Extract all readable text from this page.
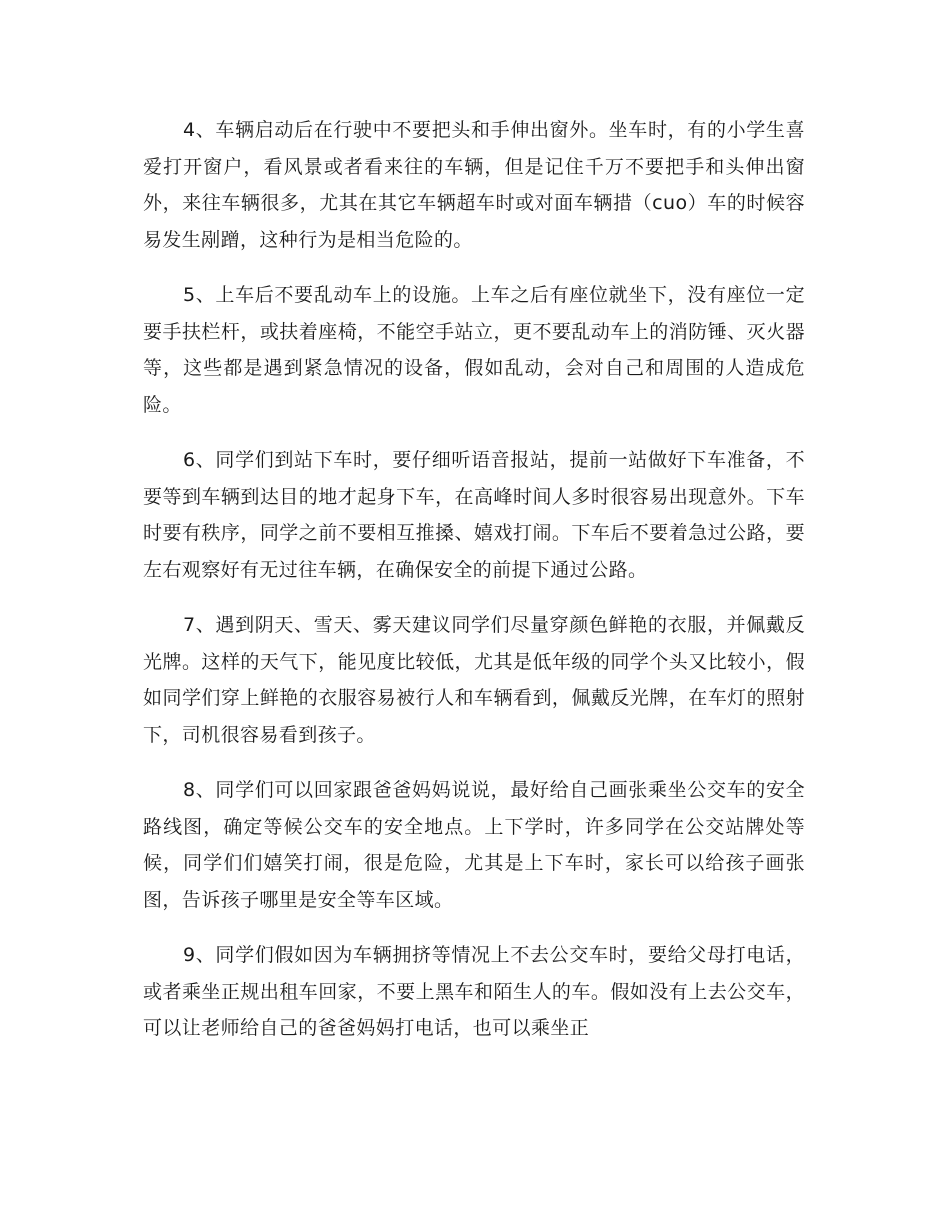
4、车辆启动后在行驶中不要把头和手伸出窗外。坐车时，有的小学生喜爱打开窗户，看风景或者看来往的车辆，但是记住千万不要把手和头伸出窗外，来往车辆很多，尤其在其它车辆超车时或对面车辆措（cuo）车的时候容易发生剐蹭，这种行为是相当危险的。

5、上车后不要乱动车上的设施。上车之后有座位就坐下，没有座位一定要手扶栏杆，或扶着座椅，不能空手站立，更不要乱动车上的消防锤、灭火器等，这些都是遇到紧急情况的设备，假如乱动，会对自己和周围的人造成危险。

6、同学们到站下车时，要仔细听语音报站，提前一站做好下车准备，不要等到车辆到达目的地才起身下车，在高峰时间人多时很容易出现意外。下车时要有秩序，同学之前不要相互推搡、嬉戏打闹。下车后不要着急过公路，要左右观察好有无过往车辆，在确保安全的前提下通过公路。

7、遇到阴天、雪天、雾天建议同学们尽量穿颜色鲜艳的衣服，并佩戴反光牌。这样的天气下，能见度比较低，尤其是低年级的同学个头又比较小，假如同学们穿上鲜艳的衣服容易被行人和车辆看到，佩戴反光牌，在车灯的照射下，司机很容易看到孩子。

8、同学们可以回家跟爸爸妈妈说说，最好给自己画张乘坐公交车的安全路线图，确定等候公交车的安全地点。上下学时，许多同学在公交站牌处等候，同学们们嬉笑打闹，很是危险，尤其是上下车时，家长可以给孩子画张图，告诉孩子哪里是安全等车区域。

9、同学们假如因为车辆拥挤等情况上不去公交车时，要给父母打电话，或者乘坐正规出租车回家，不要上黑车和陌生人的车。假如没有上去公交车，可以让老师给自己的爸爸妈妈打电话，也可以乘坐正
